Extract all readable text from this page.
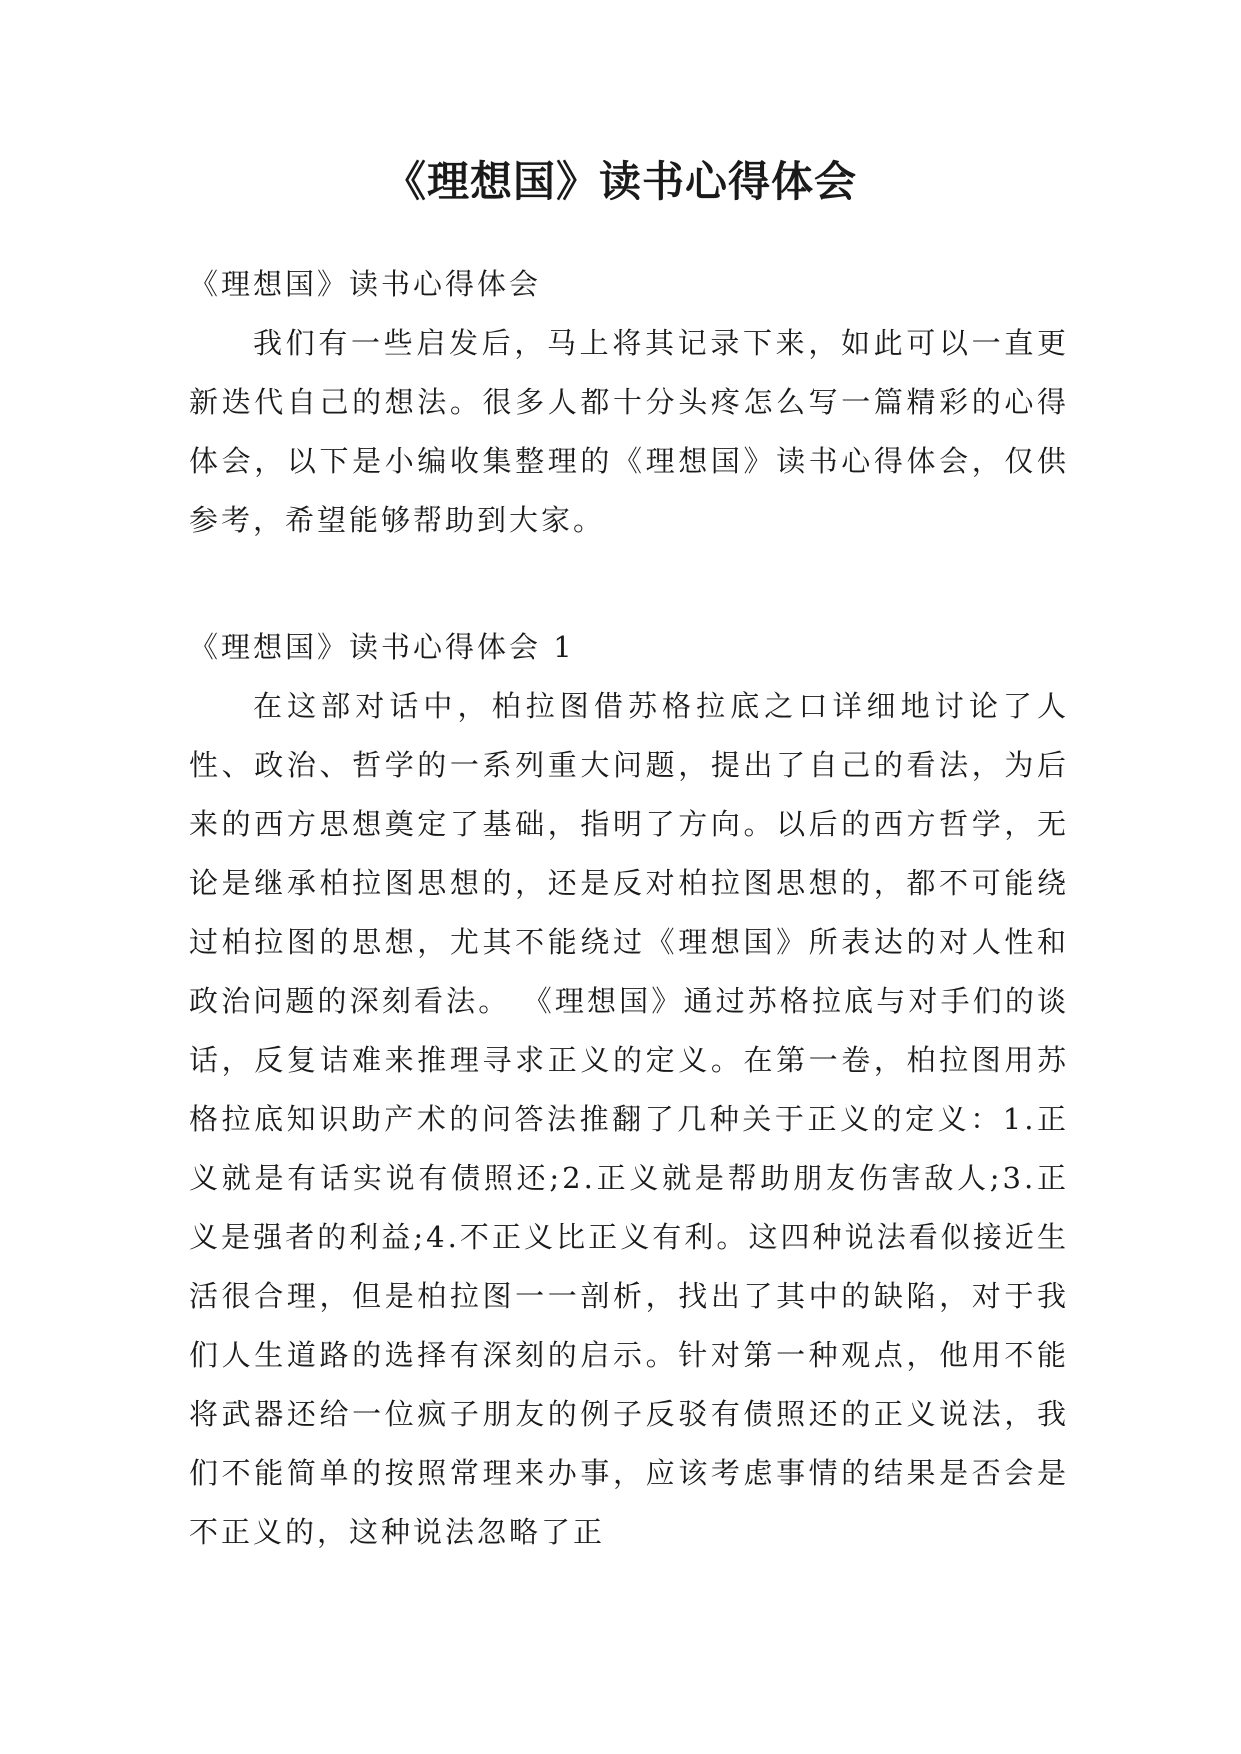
《理想国》读书心得体会

《理想国》读书心得体会

我们有一些启发后，马上将其记录下来，如此可以一直更新迭代自己的想法。很多人都十分头疼怎么写一篇精彩的心得体会，以下是小编收集整理的《理想国》读书心得体会，仅供参考，希望能够帮助到大家。

《理想国》读书心得体会 1

在这部对话中，柏拉图借苏格拉底之口详细地讨论了人性、政治、哲学的一系列重大问题，提出了自己的看法，为后来的西方思想奠定了基础，指明了方向。以后的西方哲学，无论是继承柏拉图思想的，还是反对柏拉图思想的，都不可能绕过柏拉图的思想，尤其不能绕过《理想国》所表达的对人性和政治问题的深刻看法。 《理想国》通过苏格拉底与对手们的谈话，反复诘难来推理寻求正义的定义。在第一卷，柏拉图用苏格拉底知识助产术的问答法推翻了几种关于正义的定义：1.正义就是有话实说有债照还;2.正义就是帮助朋友伤害敌人;3.正义是强者的利益;4.不正义比正义有利。这四种说法看似接近生活很合理，但是柏拉图一一剖析，找出了其中的缺陷，对于我们人生道路的选择有深刻的启示。针对第一种观点，他用不能将武器还给一位疯子朋友的例子反驳有债照还的正义说法，我们不能简单的按照常理来办事，应该考虑事情的结果是否会是不正义的，这种说法忽略了正
